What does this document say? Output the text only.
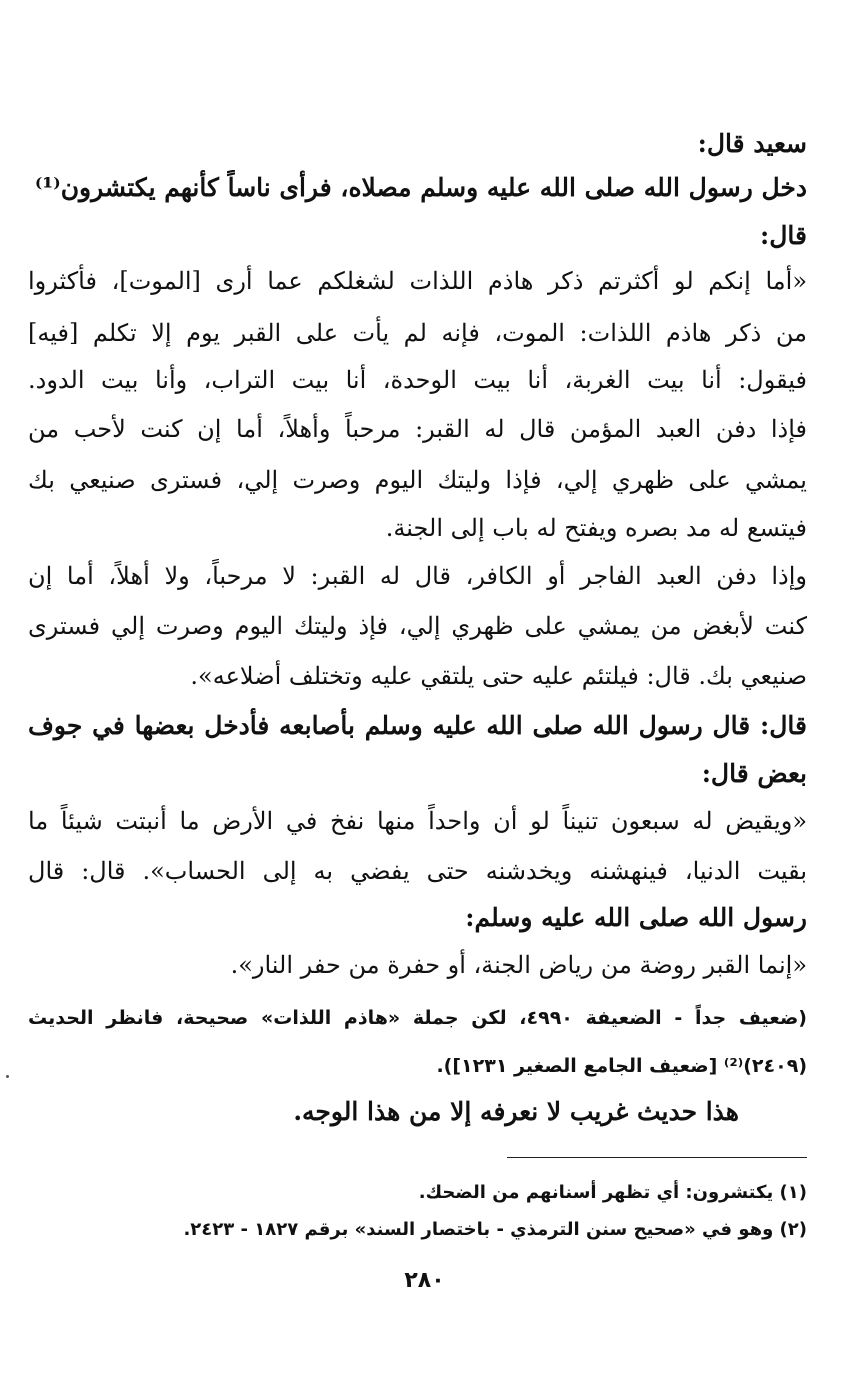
سعيد قال:
دخل رسول الله صلى الله عليه وسلم مصلاه، فرأى ناساً كأنهم يكتشرون⁽¹⁾
قال:
«أما إنكم لو أكثرتم ذكر هاذم اللذات لشغلكم عما أرى [الموت]، فأكثروا
من ذكر هاذم اللذات: الموت، فإنه لم يأت على القبر يوم إلا تكلم [فيه]
فيقول: أنا بيت الغربة، أنا بيت الوحدة، أنا بيت التراب، وأنا بيت الدود.
فإذا دفن العبد المؤمن قال له القبر: مرحباً وأهلاً، أما إن كنت لأحب من
يمشي على ظهري إلي، فإذا وليتك اليوم وصرت إلي، فسترى صنيعي بك
فيتسع له مد بصره ويفتح له باب إلى الجنة.
وإذا دفن العبد الفاجر أو الكافر، قال له القبر: لا مرحباً، ولا أهلاً، أما إن
كنت لأبغض من يمشي على ظهري إلي، فإذ وليتك اليوم وصرت إلي فسترى
صنيعي بك. قال: فيلتئم عليه حتى يلتقي عليه وتختلف أضلاعه».
قال: قال رسول الله صلى الله عليه وسلم بأصابعه فأدخل بعضها في جوف
بعض قال:
«ويقيض له سبعون تنيناً لو أن واحداً منها نفخ في الأرض ما أنبتت شيئاً ما
بقيت الدنيا، فينهشنه ويخدشنه حتى يفضي به إلى الحساب». قال: قال
رسول الله صلى الله عليه وسلم:
«إنما القبر روضة من رياض الجنة، أو حفرة من حفر النار».
(ضعيف جداً - الضعيفة ٤٩٩٠، لكن جملة «هاذم اللذات» صحيحة، فانظر الحديث
(٢٤٠٩)⁽²⁾ [ضعيف الجامع الصغير ١٢٣١]).
هذا حديث غريب لا نعرفه إلا من هذا الوجه.
(١) يكتشرون: أي تظهر أسنانهم من الضحك.
(٢) وهو في «صحيح سنن الترمذي - باختصار السند» برقم ١٨٢٧ - ٢٤٢٣.
٢٨٠
